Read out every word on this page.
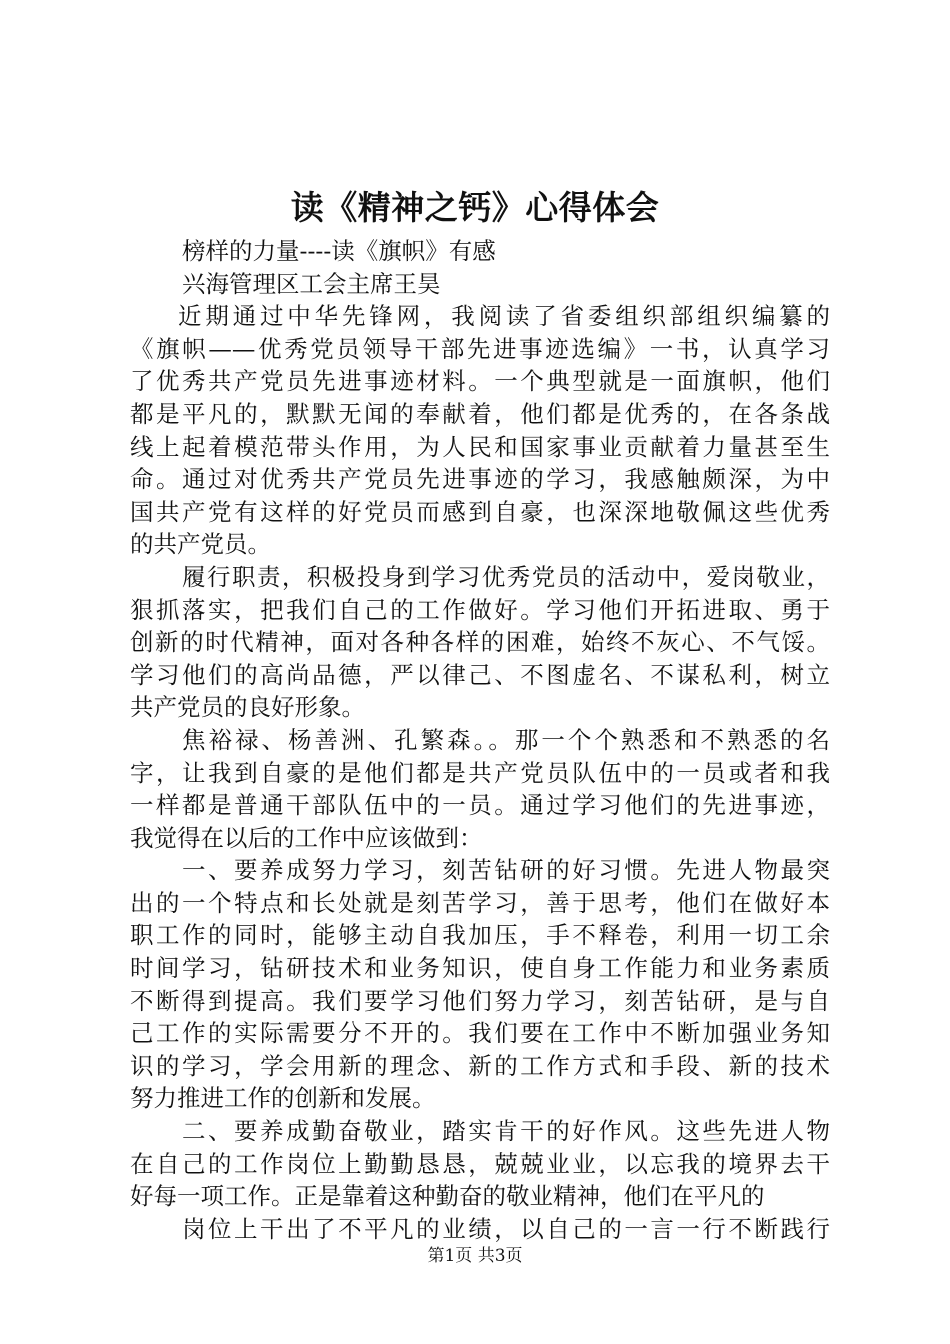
读《精神之钙》心得体会
榜样的力量----读《旗帜》有感
兴海管理区工会主席王昊
近期通过中华先锋网，我阅读了省委组织部组织编纂的
《旗帜——优秀党员领导干部先进事迹选编》一书，认真学习
了优秀共产党员先进事迹材料。一个典型就是一面旗帜，他们
都是平凡的，默默无闻的奉献着，他们都是优秀的，在各条战
线上起着模范带头作用，为人民和国家事业贡献着力量甚至生
命。通过对优秀共产党员先进事迹的学习，我感触颇深，为中
国共产党有这样的好党员而感到自豪，也深深地敬佩这些优秀
的共产党员。
履行职责，积极投身到学习优秀党员的活动中，爱岗敬业，
狠抓落实，把我们自己的工作做好。学习他们开拓进取、勇于
创新的时代精神，面对各种各样的困难，始终不灰心、不气馁。
学习他们的高尚品德，严以律己、不图虚名、不谋私利，树立
共产党员的良好形象。
焦裕禄、杨善洲、孔繁森。。那一个个熟悉和不熟悉的名
字，让我到自豪的是他们都是共产党员队伍中的一员或者和我
一样都是普通干部队伍中的一员。通过学习他们的先进事迹，
我觉得在以后的工作中应该做到：
一、要养成努力学习，刻苦钻研的好习惯。先进人物最突
出的一个特点和长处就是刻苦学习，善于思考，他们在做好本
职工作的同时，能够主动自我加压，手不释卷，利用一切工余
时间学习，钻研技术和业务知识，使自身工作能力和业务素质
不断得到提高。我们要学习他们努力学习，刻苦钻研，是与自
己工作的实际需要分不开的。我们要在工作中不断加强业务知
识的学习，学会用新的理念、新的工作方式和手段、新的技术
努力推进工作的创新和发展。
二、要养成勤奋敬业，踏实肯干的好作风。这些先进人物
在自己的工作岗位上勤勤恳恳，兢兢业业，以忘我的境界去干
好每一项工作。正是靠着这种勤奋的敬业精神，他们在平凡的
岗位上干出了不平凡的业绩，以自己的一言一行不断践行
第1页 共3页
